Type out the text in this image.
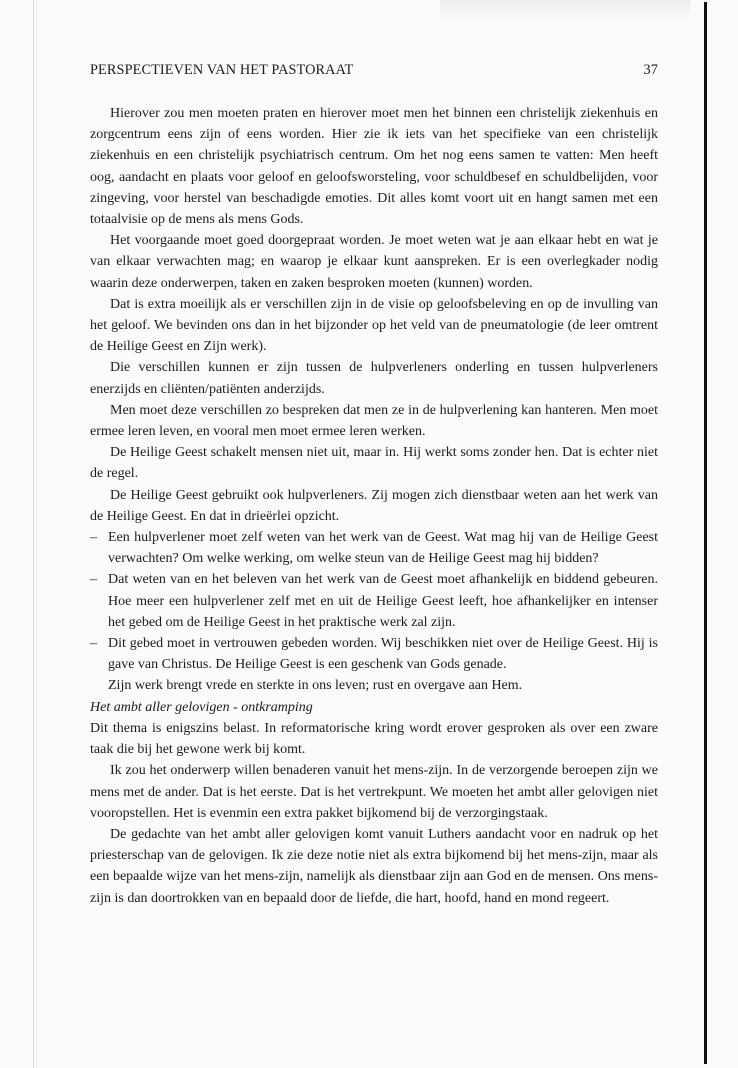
PERSPECTIEVEN VAN HET PASTORAAT	37

Hierover zou men moeten praten en hierover moet men het binnen een christelijk ziekenhuis en zorgcentrum eens zijn of eens worden. Hier zie ik iets van het specifieke van een christelijk ziekenhuis en een christelijk psychiatrisch centrum. Om het nog eens samen te vatten: Men heeft oog, aandacht en plaats voor geloof en geloofsworsteling, voor schuldbesef en schuldbelijden, voor zingeving, voor herstel van beschadigde emoties. Dit alles komt voort uit en hangt samen met een totaalvisie op de mens als mens Gods.

Het voorgaande moet goed doorgepraat worden. Je moet weten wat je aan elkaar hebt en wat je van elkaar verwachten mag; en waarop je elkaar kunt aanspreken. Er is een overlegkader nodig waarin deze onderwerpen, taken en zaken besproken moeten (kunnen) worden.

Dat is extra moeilijk als er verschillen zijn in de visie op geloofsbeleving en op de invulling van het geloof. We bevinden ons dan in het bijzonder op het veld van de pneumatologie (de leer omtrent de Heilige Geest en Zijn werk).

Die verschillen kunnen er zijn tussen de hulpverleners onderling en tussen hulpverleners enerzijds en cliënten/patiënten anderzijds.

Men moet deze verschillen zo bespreken dat men ze in de hulpverlening kan hanteren. Men moet ermee leren leven, en vooral men moet ermee leren werken.

De Heilige Geest schakelt mensen niet uit, maar in. Hij werkt soms zonder hen. Dat is echter niet de regel.

De Heilige Geest gebruikt ook hulpverleners. Zij mogen zich dienstbaar weten aan het werk van de Heilige Geest. En dat in drieërlei opzicht.

– Een hulpverlener moet zelf weten van het werk van de Geest. Wat mag hij van de Heilige Geest verwachten? Om welke werking, om welke steun van de Heilige Geest mag hij bidden?
– Dat weten van en het beleven van het werk van de Geest moet afhankelijk en biddend gebeuren. Hoe meer een hulpverlener zelf met en uit de Heilige Geest leeft, hoe afhankelijker en intenser het gebed om de Heilige Geest in het praktische werk zal zijn.
– Dit gebed moet in vertrouwen gebeden worden. Wij beschikken niet over de Heilige Geest. Hij is gave van Christus. De Heilige Geest is een geschenk van Gods genade.

Zijn werk brengt vrede en sterkte in ons leven; rust en overgave aan Hem.

Het ambt aller gelovigen - ontkramping

Dit thema is enigszins belast. In reformatorische kring wordt erover gesproken als over een zware taak die bij het gewone werk bij komt.

Ik zou het onderwerp willen benaderen vanuit het mens-zijn. In de verzorgende beroepen zijn we mens met de ander. Dat is het eerste. Dat is het vertrekpunt. We moeten het ambt aller gelovigen niet vooropstellen. Het is evenmin een extra pakket bijkomend bij de verzorgingstaak.

De gedachte van het ambt aller gelovigen komt vanuit Luthers aandacht voor en nadruk op het priesterschap van de gelovigen. Ik zie deze notie niet als extra bijkomend bij het mens-zijn, maar als een bepaalde wijze van het mens-zijn, namelijk als dienstbaar zijn aan God en de mensen. Ons mens-zijn is dan doortrokken van en bepaald door de liefde, die hart, hoofd, hand en mond regeert.
